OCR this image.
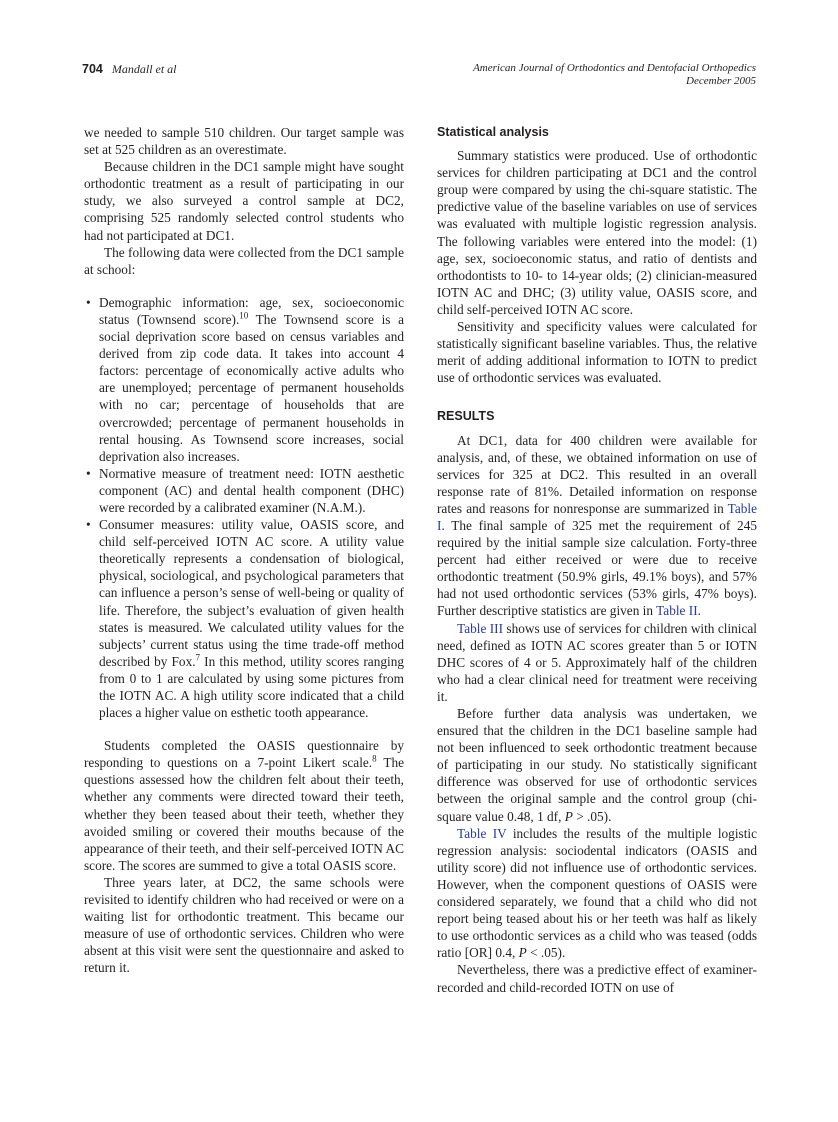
704 Mandall et al	American Journal of Orthodontics and Dentofacial Orthopedics
December 2005

we needed to sample 510 children. Our target sample was set at 525 children as an overestimate.

Because children in the DC1 sample might have sought orthodontic treatment as a result of participating in our study, we also surveyed a control sample at DC2, comprising 525 randomly selected control students who had not participated at DC1.

The following data were collected from the DC1 sample at school:

• Demographic information: age, sex, socioeconomic status (Townsend score).$^{10}$ The Townsend score is a social deprivation score based on census variables and derived from zip code data. It takes into account 4 factors: percentage of economically active adults who are unemployed; percentage of permanent households with no car; percentage of households that are overcrowded; percentage of permanent households in rental housing. As Townsend score increases, social deprivation also increases.
• Normative measure of treatment need: IOTN aesthetic component (AC) and dental health component (DHC) were recorded by a calibrated examiner (N.A.M.).
• Consumer measures: utility value, OASIS score, and child self-perceived IOTN AC score. A utility value theoretically represents a condensation of biological, physical, sociological, and psychological parameters that can influence a person’s sense of well-being or quality of life. Therefore, the subject’s evaluation of given health states is measured. We calculated utility values for the subjects’ current status using the time trade-off method described by Fox.$^7$ In this method, utility scores ranging from 0 to 1 are calculated by using some pictures from the IOTN AC. A high utility score indicated that a child places a higher value on esthetic tooth appearance.

Students completed the OASIS questionnaire by responding to questions on a 7-point Likert scale.$^8$ The questions assessed how the children felt about their teeth, whether any comments were directed toward their teeth, whether they been teased about their teeth, whether they avoided smiling or covered their mouths because of the appearance of their teeth, and their self-perceived IOTN AC score. The scores are summed to give a total OASIS score.

Three years later, at DC2, the same schools were revisited to identify children who had received or were on a waiting list for orthodontic treatment. This became our measure of use of orthodontic services. Children who were absent at this visit were sent the questionnaire and asked to return it.

Statistical analysis

Summary statistics were produced. Use of orthodontic services for children participating at DC1 and the control group were compared by using the chi-square statistic. The predictive value of the baseline variables on use of services was evaluated with multiple logistic regression analysis. The following variables were entered into the model: (1) age, sex, socioeconomic status, and ratio of dentists and orthodontists to 10- to 14-year olds; (2) clinician-measured IOTN AC and DHC; (3) utility value, OASIS score, and child self-perceived IOTN AC score.

Sensitivity and specificity values were calculated for statistically significant baseline variables. Thus, the relative merit of adding additional information to IOTN to predict use of orthodontic services was evaluated.

RESULTS

At DC1, data for 400 children were available for analysis, and, of these, we obtained information on use of services for 325 at DC2. This resulted in an overall response rate of 81%. Detailed information on response rates and reasons for nonresponse are summarized in Table I. The final sample of 325 met the requirement of 245 required by the initial sample size calculation. Forty-three percent had either received or were due to receive orthodontic treatment (50.9% girls, 49.1% boys), and 57% had not used orthodontic services (53% girls, 47% boys). Further descriptive statistics are given in Table II.

Table III shows use of services for children with clinical need, defined as IOTN AC scores greater than 5 or IOTN DHC scores of 4 or 5. Approximately half of the children who had a clear clinical need for treatment were receiving it.

Before further data analysis was undertaken, we ensured that the children in the DC1 baseline sample had not been influenced to seek orthodontic treatment because of participating in our study. No statistically significant difference was observed for use of orthodontic services between the original sample and the control group (chi-square value 0.48, 1 df, P > .05).

Table IV includes the results of the multiple logistic regression analysis: sociodental indicators (OASIS and utility score) did not influence use of orthodontic services. However, when the component questions of OASIS were considered separately, we found that a child who did not report being teased about his or her teeth was half as likely to use orthodontic services as a child who was teased (odds ratio [OR] 0.4, P < .05).

Nevertheless, there was a predictive effect of examiner-recorded and child-recorded IOTN on use of
